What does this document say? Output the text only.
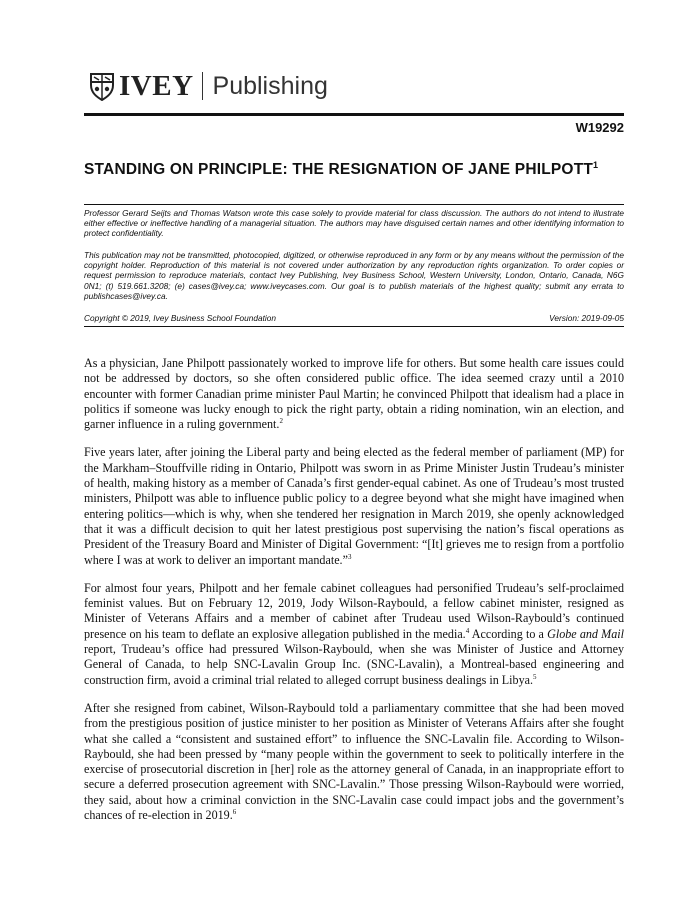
IVEY Publishing
W19292
STANDING ON PRINCIPLE: THE RESIGNATION OF JANE PHILPOTT$^1$

Professor Gerard Seijts and Thomas Watson wrote this case solely to provide material for class discussion. The authors do not intend to illustrate either effective or ineffective handling of a managerial situation. The authors may have disguised certain names and other identifying information to protect confidentiality.

This publication may not be transmitted, photocopied, digitized, or otherwise reproduced in any form or by any means without the permission of the copyright holder. Reproduction of this material is not covered under authorization by any reproduction rights organization. To order copies or request permission to reproduce materials, contact Ivey Publishing, Ivey Business School, Western University, London, Ontario, Canada, N6G 0N1; (t) 519.661.3208; (e) cases@ivey.ca; www.iveycases.com. Our goal is to publish materials of the highest quality; submit any errata to publishcases@ivey.ca.

Copyright © 2019, Ivey Business School Foundation	Version: 2019-09-05

As a physician, Jane Philpott passionately worked to improve life for others. But some health care issues could not be addressed by doctors, so she often considered public office. The idea seemed crazy until a 2010 encounter with former Canadian prime minister Paul Martin; he convinced Philpott that idealism had a place in politics if someone was lucky enough to pick the right party, obtain a riding nomination, win an election, and garner influence in a ruling government.$^2$

Five years later, after joining the Liberal party and being elected as the federal member of parliament (MP) for the Markham–Stouffville riding in Ontario, Philpott was sworn in as Prime Minister Justin Trudeau’s minister of health, making history as a member of Canada’s first gender-equal cabinet. As one of Trudeau’s most trusted ministers, Philpott was able to influence public policy to a degree beyond what she might have imagined when entering politics—which is why, when she tendered her resignation in March 2019, she openly acknowledged that it was a difficult decision to quit her latest prestigious post supervising the nation’s fiscal operations as President of the Treasury Board and Minister of Digital Government: “[It] grieves me to resign from a portfolio where I was at work to deliver an important mandate.”$^3$

For almost four years, Philpott and her female cabinet colleagues had personified Trudeau’s self-proclaimed feminist values. But on February 12, 2019, Jody Wilson-Raybould, a fellow cabinet minister, resigned as Minister of Veterans Affairs and a member of cabinet after Trudeau used Wilson-Raybould’s continued presence on his team to deflate an explosive allegation published in the media.$^4$ According to a Globe and Mail report, Trudeau’s office had pressured Wilson-Raybould, when she was Minister of Justice and Attorney General of Canada, to help SNC-Lavalin Group Inc. (SNC-Lavalin), a Montreal-based engineering and construction firm, avoid a criminal trial related to alleged corrupt business dealings in Libya.$^5$

After she resigned from cabinet, Wilson-Raybould told a parliamentary committee that she had been moved from the prestigious position of justice minister to her position as Minister of Veterans Affairs after she fought what she called a “consistent and sustained effort” to influence the SNC-Lavalin file. According to Wilson-Raybould, she had been pressed by “many people within the government to seek to politically interfere in the exercise of prosecutorial discretion in [her] role as the attorney general of Canada, in an inappropriate effort to secure a deferred prosecution agreement with SNC-Lavalin.” Those pressing Wilson-Raybould were worried, they said, about how a criminal conviction in the SNC-Lavalin case could impact jobs and the government’s chances of re-election in 2019.$^6$
